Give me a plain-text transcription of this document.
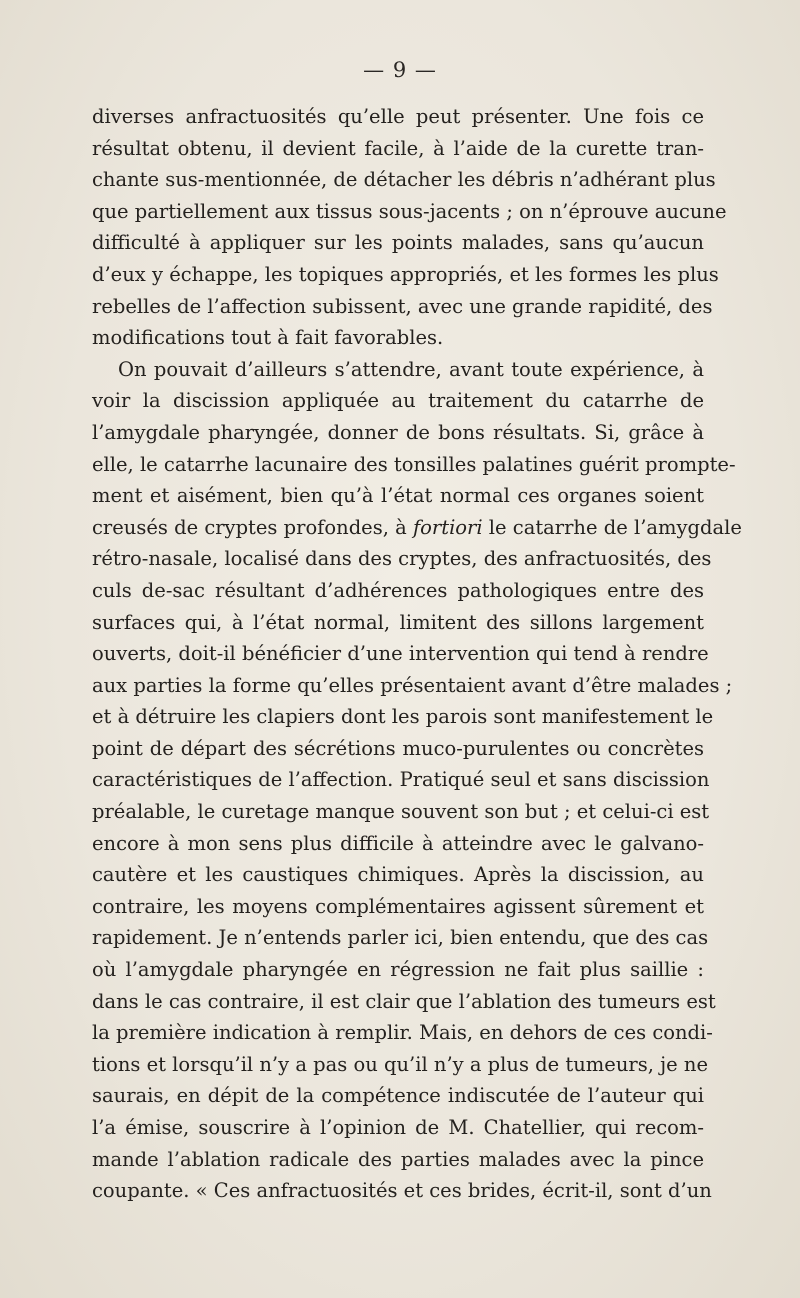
— 9 —
diverses anfractuosités qu’elle peut présenter. Une fois ce
résultat obtenu, il devient facile, à l’aide de la curette tran-
chante sus-mentionnée, de détacher les débris n’adhérant plus
que partiellement aux tissus sous-jacents ; on n’éprouve aucune
difficulté à appliquer sur les points malades, sans qu’aucun
d’eux y échappe, les topiques appropriés, et les formes les plus
rebelles de l’affection subissent, avec une grande rapidité, des
modifications tout à fait favorables.
On pouvait d’ailleurs s’attendre, avant toute expérience, à
voir la discission appliquée au traitement du catarrhe de
l’amygdale pharyngée, donner de bons résultats. Si, grâce à
elle, le catarrhe lacunaire des tonsilles palatines guérit prompte-
ment et aisément, bien qu’à l’état normal ces organes soient
creusés de cryptes profondes, à fortiori le catarrhe de l’amygdale
rétro-nasale, localisé dans des cryptes, des anfractuosités, des
culs de-sac résultant d’adhérences pathologiques entre des
surfaces qui, à l’état normal, limitent des sillons largement
ouverts, doit-il bénéficier d’une intervention qui tend à rendre
aux parties la forme qu’elles présentaient avant d’être malades ;
et à détruire les clapiers dont les parois sont manifestement le
point de départ des sécrétions muco-purulentes ou concrètes
caractéristiques de l’affection. Pratiqué seul et sans discission
préalable, le curetage manque souvent son but ; et celui-ci est
encore à mon sens plus difficile à atteindre avec le galvano-
cautère et les caustiques chimiques. Après la discission, au
contraire, les moyens complémentaires agissent sûrement et
rapidement. Je n’entends parler ici, bien entendu, que des cas
où l’amygdale pharyngée en régression ne fait plus saillie :
dans le cas contraire, il est clair que l’ablation des tumeurs est
la première indication à remplir. Mais, en dehors de ces condi-
tions et lorsqu’il n’y a pas ou qu’il n’y a plus de tumeurs, je ne
saurais, en dépit de la compétence indiscutée de l’auteur qui
l’a émise, souscrire à l’opinion de M. Chatellier, qui recom-
mande l’ablation radicale des parties malades avec la pince
coupante. « Ces anfractuosités et ces brides, écrit-il, sont d’un
